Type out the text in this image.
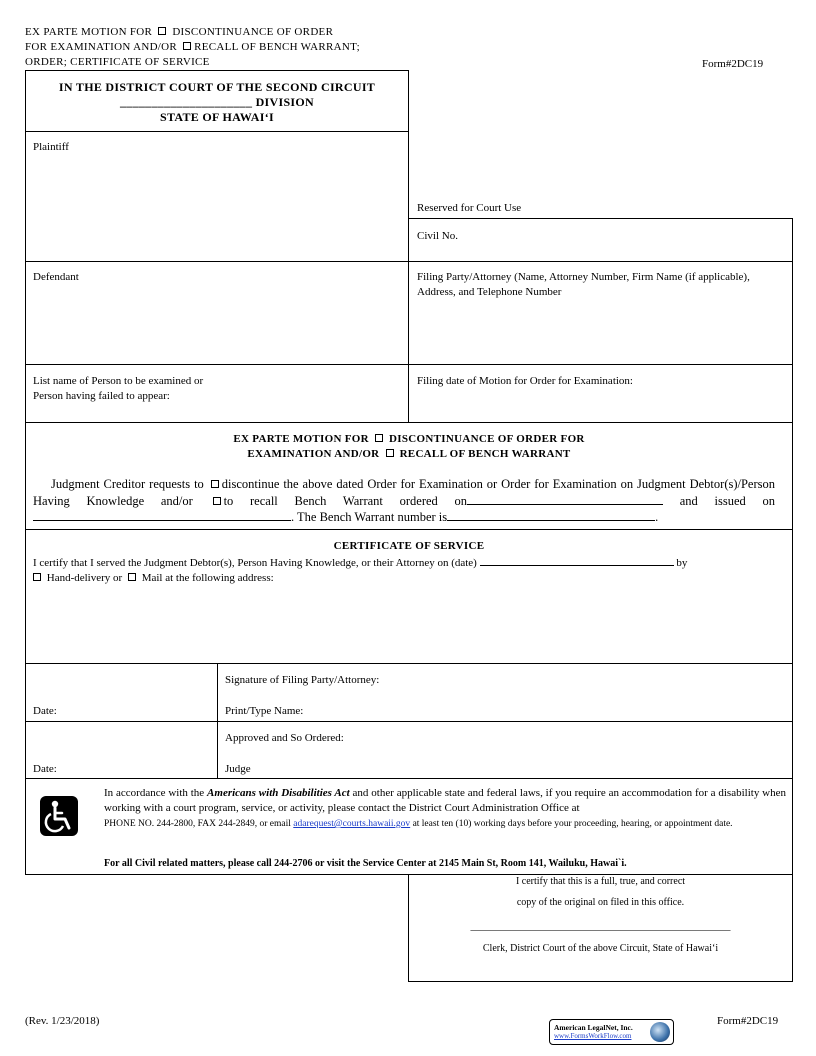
EX PARTE MOTION FOR DISCONTINUANCE OF ORDER
FOR EXAMINATION AND/OR RECALL OF BENCH WARRANT;
ORDER; CERTIFICATE OF SERVICE	Form#2DC19
IN THE DISTRICT COURT OF THE SECOND CIRCUIT
_____________________ DIVISION
STATE OF HAWAI‘I
Plaintiff
Defendant
List name of Person to be examined or
Person having failed to appear:
Reserved for Court Use
Civil No.
Filing Party/Attorney (Name, Attorney Number, Firm Name (if applicable), Address, and Telephone Number
Filing date of Motion for Order for Examination:
EX PARTE MOTION FOR DISCONTINUANCE OF ORDER FOR
EXAMINATION AND/OR RECALL OF BENCH WARRANT
Judgment Creditor requests to discontinue the above dated Order for Examination or Order for Examination on Judgment Debtor(s)/Person Having Knowledge and/or to recall Bench Warrant ordered on	and issued on . The Bench Warrant number is	.
CERTIFICATE OF SERVICE
I certify that I served the Judgment Debtor(s), Person Having Knowledge, or their Attorney on (date)	by
Hand-delivery or Mail at the following address:
Date:
Signature of Filing Party/Attorney:
Print/Type Name:
Date:
Approved and So Ordered:
Judge
In accordance with the Americans with Disabilities Act and other applicable state and federal laws, if you require an accommodation for a disability when working with a court program, service, or activity, please contact the District Court Administration Office at
PHONE NO. 244-2800, FAX 244-2849, or email adarequest@courts.hawaii.gov at least ten (10) working days before your proceeding, hearing, or appointment date.
For all Civil related matters, please call 244-2706 or visit the Service Center at 2145 Main St, Room 141, Wailuku, Hawai`i.
I certify that this is a full, true, and correct
copy of the original on filed in this office.
____________________________________________________
Clerk, District Court of the above Circuit, State of Hawai‘i
(Rev. 1/23/2018)	Form#2DC19
American LegalNet, Inc.
www.FormsWorkFlow.com
